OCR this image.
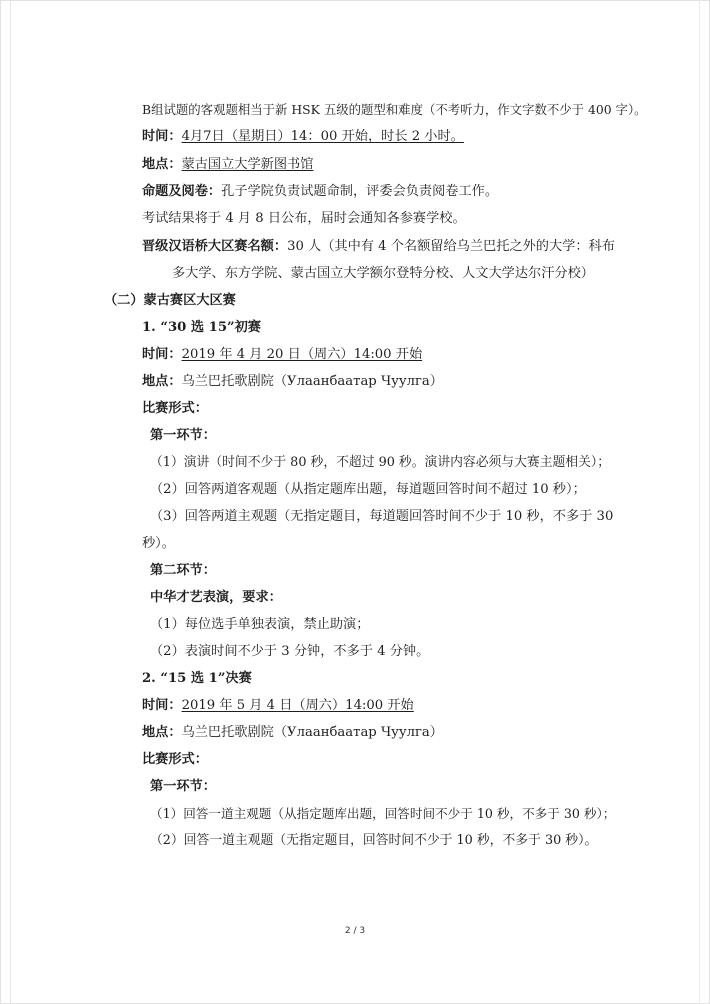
B组试题的客观题相当于新 HSK 五级的题型和难度（不考听力，作文字数不少于 400 字）。
时间：4月7日（星期日）14：00 开始，时长 2 小时。
地点：蒙古国立大学新图书馆
命题及阅卷：孔子学院负责试题命制，评委会负责阅卷工作。
考试结果将于 4 月 8 日公布，届时会通知各参赛学校。
晋级汉语桥大区赛名额：30 人（其中有 4 个名额留给乌兰巴托之外的大学：科布
多大学、东方学院、蒙古国立大学额尔登特分校、人文大学达尔汗分校）
（二）蒙古赛区大区赛
1. “30 选 15”初赛
时间：2019 年 4 月 20 日（周六）14:00 开始
地点：乌兰巴托歌剧院（Улаанбаатар Чуулга）
比赛形式：
第一环节：
（1）演讲（时间不少于 80 秒，不超过 90 秒。演讲内容必须与大赛主题相关）；
（2）回答两道客观题（从指定题库出题，每道题回答时间不超过 10 秒）；
（3）回答两道主观题（无指定题目，每道题回答时间不少于 10 秒，不多于 30
秒）。
第二环节：
中华才艺表演，要求：
（1）每位选手单独表演，禁止助演；
（2）表演时间不少于 3 分钟，不多于 4 分钟。
2. “15 选 1”决赛
时间：2019 年 5 月 4 日（周六）14:00 开始
地点：乌兰巴托歌剧院（Улаанбаатар Чуулга）
比赛形式：
第一环节：
（1）回答一道主观题（从指定题库出题，回答时间不少于 10 秒，不多于 30 秒）；
（2）回答一道主观题（无指定题目，回答时间不少于 10 秒，不多于 30 秒）。
2 / 3
